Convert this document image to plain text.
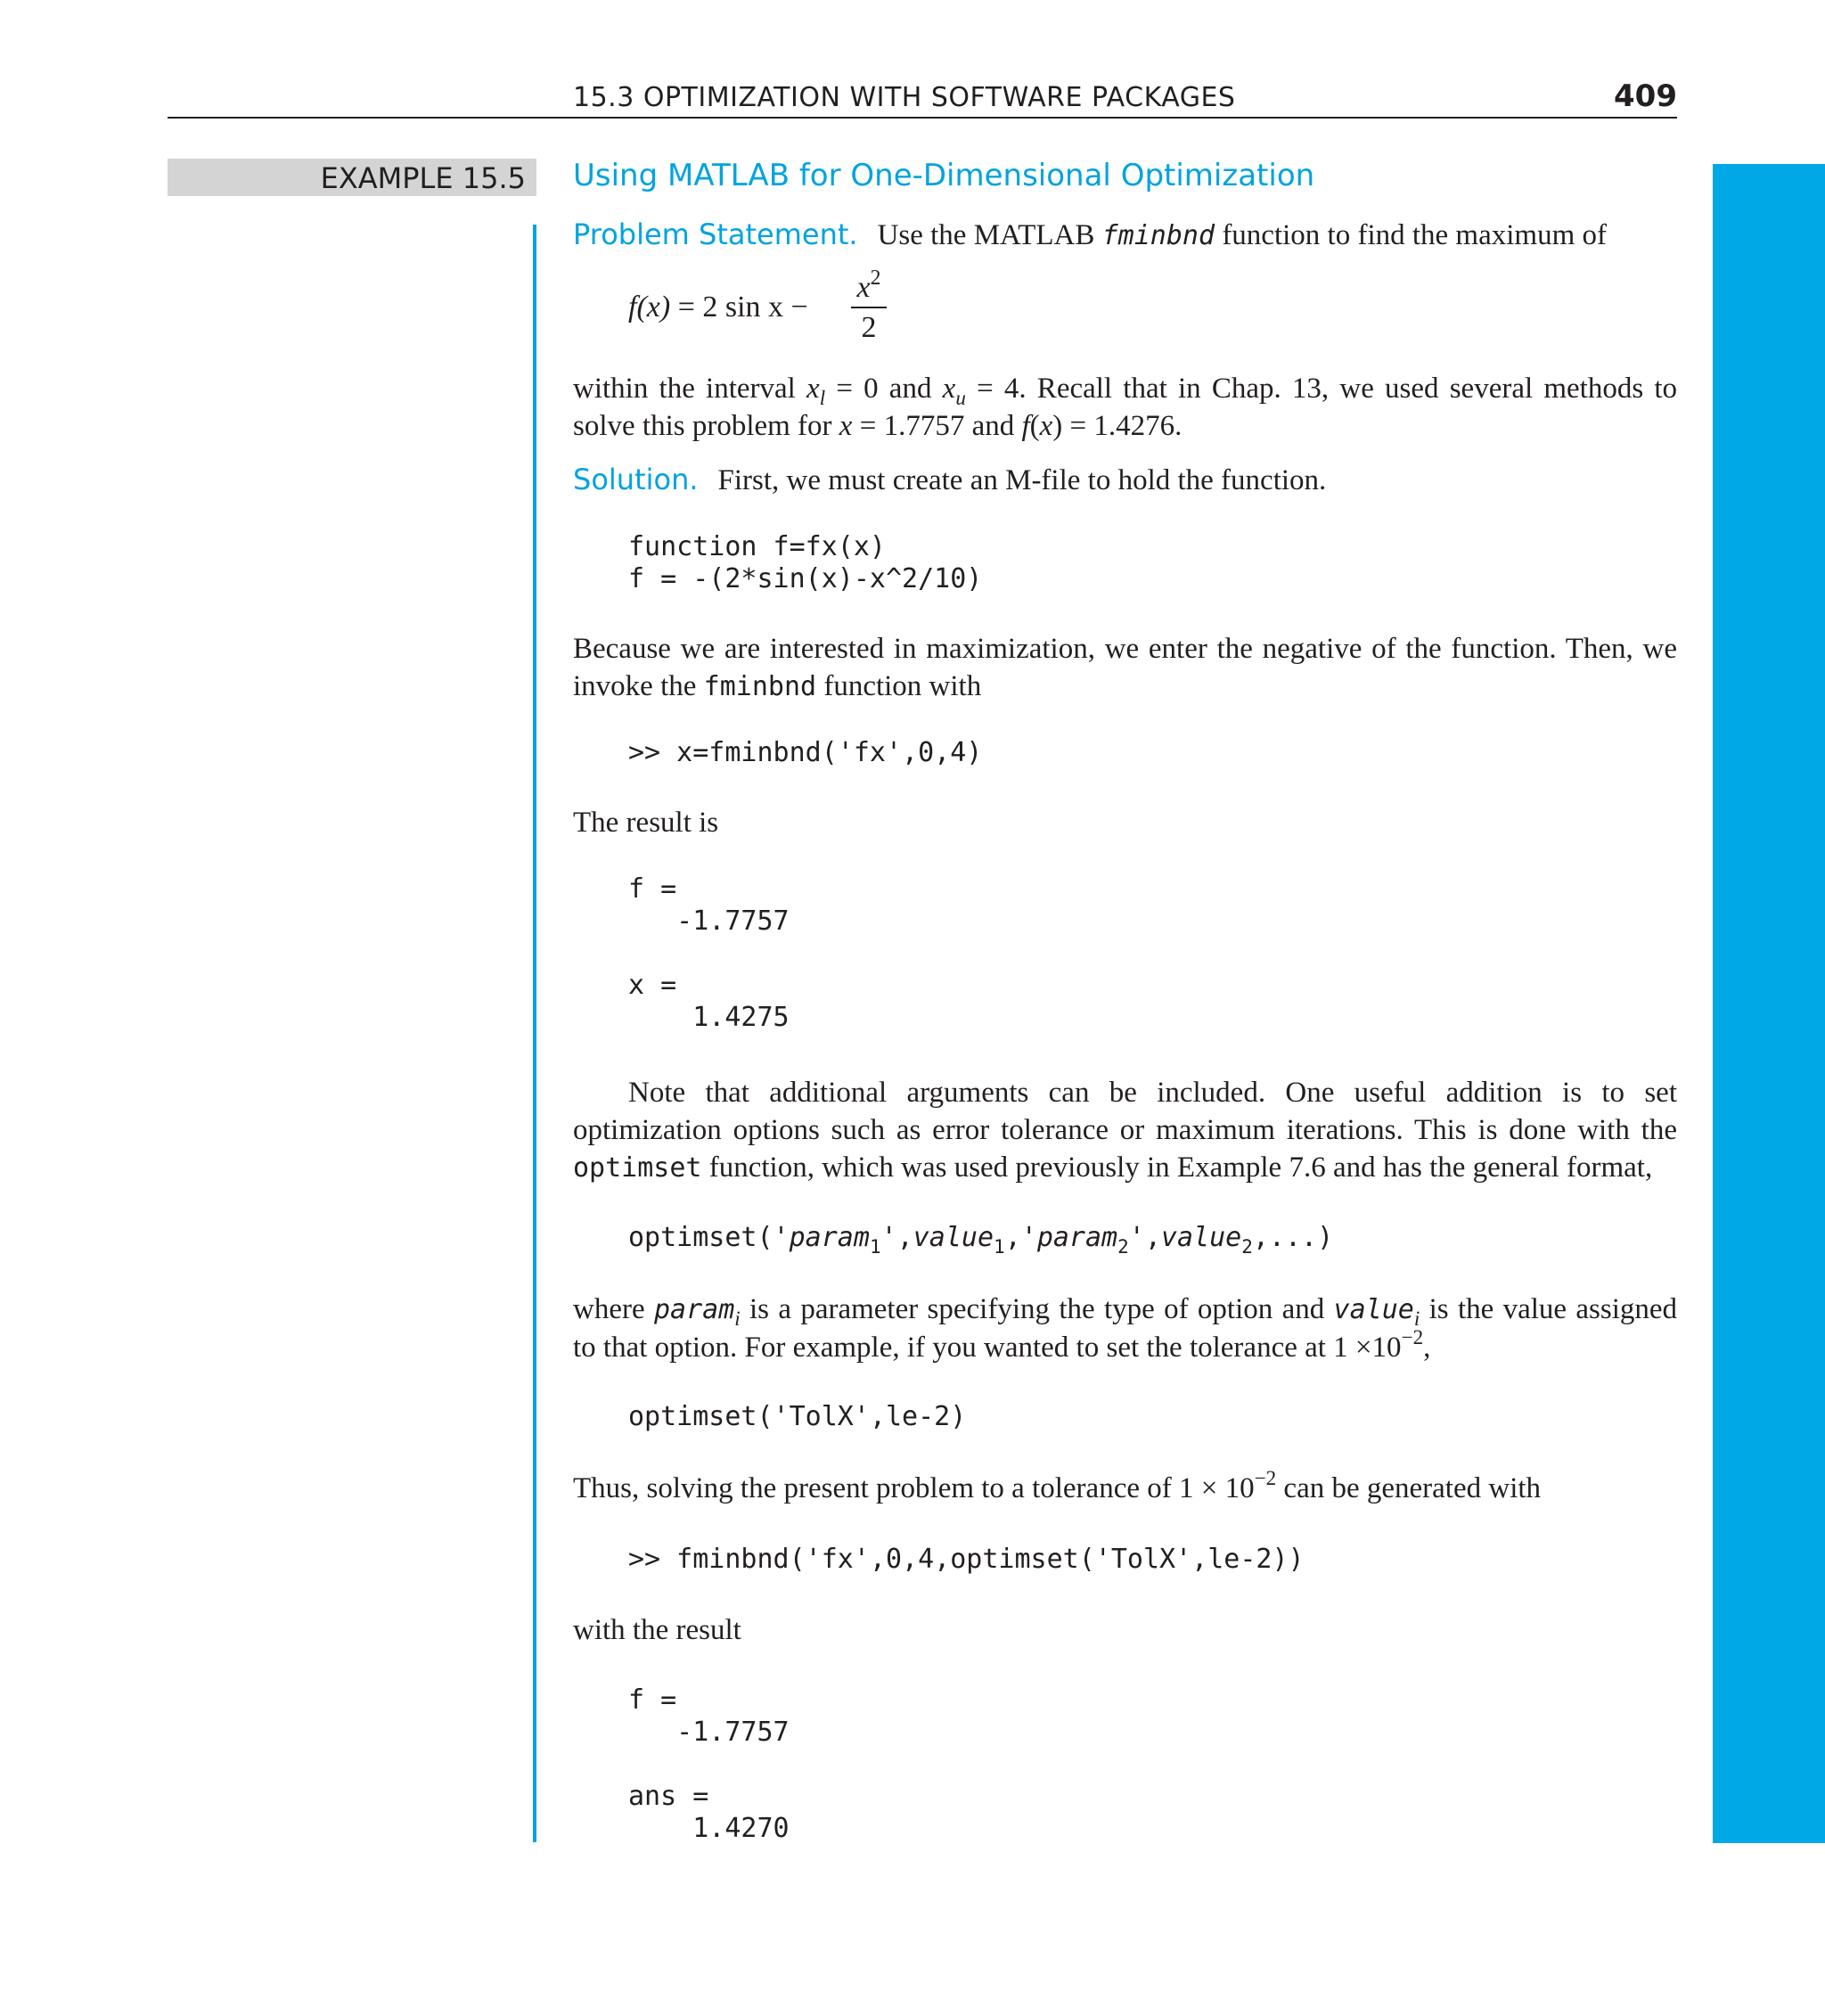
15.3 OPTIMIZATION WITH SOFTWARE PACKAGES	409
EXAMPLE 15.5 Using MATLAB for One-Dimensional Optimization
Problem Statement. Use the MATLAB fminbnd function to find the maximum of
f(x) = 2 sin x −
$x^2$
2
within the interval $x_l = 0$ and $x_u = 4$. Recall that in Chap. 13, we used several methods to solve this problem for x = 1.7757 and f(x) = 1.4276.
Solution. First, we must create an M-file to hold the function.
function f=fx(x)
f = -(2*sin(x)-x^2/10)
Because we are interested in maximization, we enter the negative of the function. Then, we invoke the fminbnd function with
>> x=fminbnd('fx',0,4)
The result is
f =
-1.7757

x =
1.4275
Note that additional arguments can be included. One useful addition is to set optimization options such as error tolerance or maximum iterations. This is done with the optimset function, which was used previously in Example 7.6 and has the general format,
optimset('param$_1$',value$_1$,'param$_2$',value$_2$,...)
where param$_i$ is a parameter specifying the type of option and value$_i$ is the value assigned to that option. For example, if you wanted to set the tolerance at $1 \times 10^{-2}$,
optimset('TolX',le-2)
Thus, solving the present problem to a tolerance of $1 \times 10^{-2}$ can be generated with
>> fminbnd('fx',0,4,optimset('TolX',le-2))
with the result
f =
-1.7757

ans =
1.4270
